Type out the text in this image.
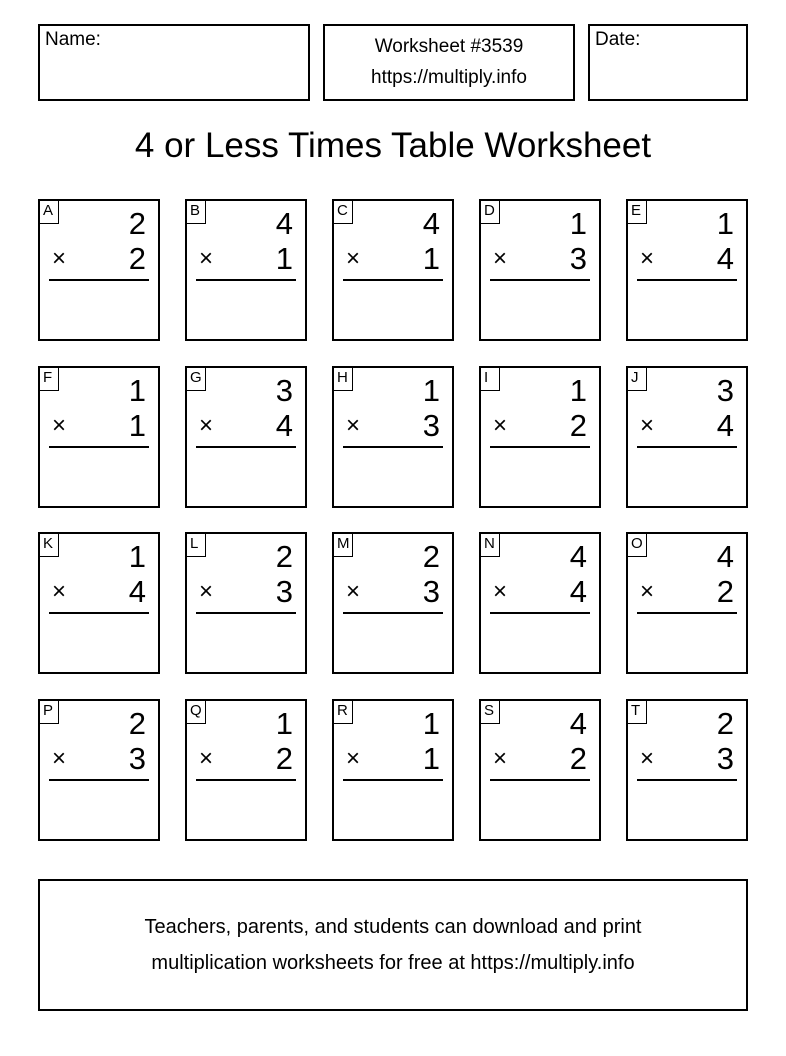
Name:	Worksheet #3539
https://multiply.info
Date:
4 or Less Times Table Worksheet
A 2
× 2
B 4
× 1
C 4
× 1
D 1
× 3
E 1
× 4
F 1
× 1
G 3
× 4
H 1
× 3
I	1
× 2
J	3
× 4
K 1
× 4
L 2
× 3
M 2
× 3
N 4
× 4
O 4
× 2
P 2
× 3
Q 1
× 2
R 1
× 1
S 4
× 2
T 2
× 3
Teachers, parents, and students can download and print
multiplication worksheets for free at https://multiply.info
